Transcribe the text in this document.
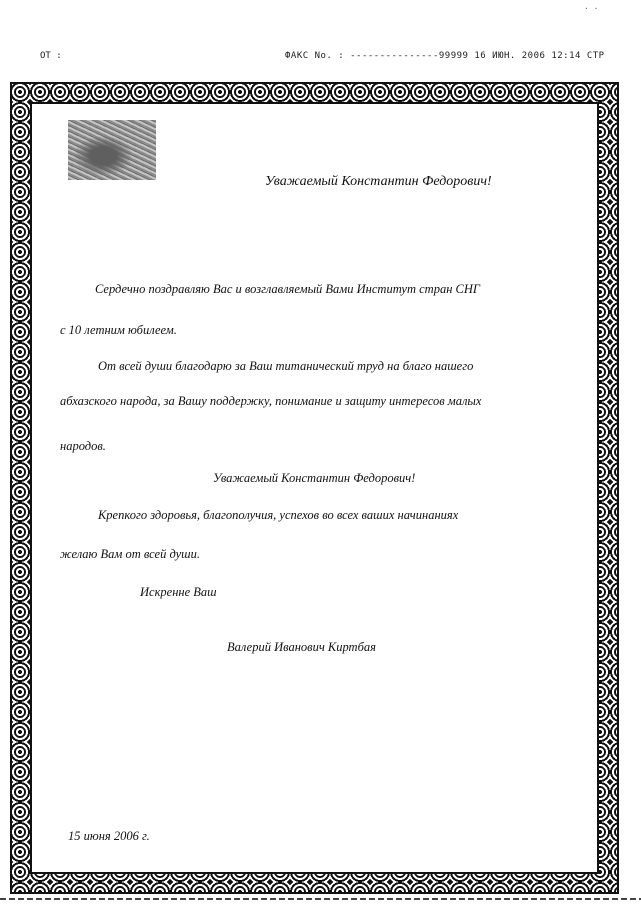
OT :	ФАКС No. : ---------------99999 16 ИЮН. 2006 12:14 CTP
· ·
Уважаемый Константин Федорович!
Сердечно поздравляю Вас и возглавляемый Вами Институт стран СНГ
с 10 летним юбилеем.
От всей души благодарю за Ваш титанический труд на благо нашего
абхазского народа, за Вашу поддержку, понимание и защиту интересов малых
народов.
Уважаемый Константин Федорович!
Крепкого здоровья, благополучия, успехов во всех ваших начинаниях
желаю Вам от всей души.
Искренне Ваш
Валерий Иванович Киртбая
15 июня 2006 г.
